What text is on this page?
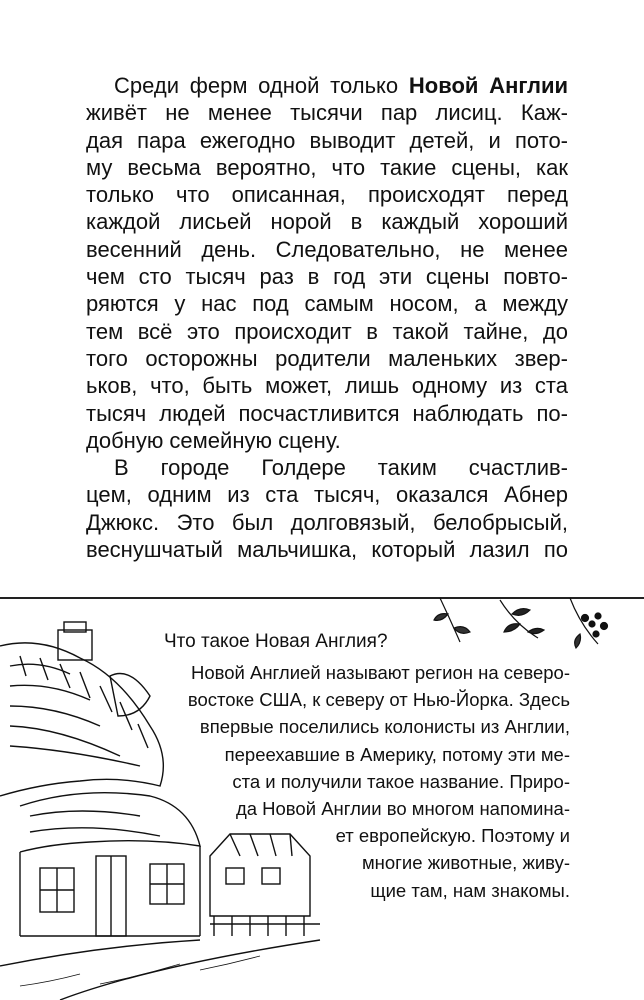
Среди ферм одной только Новой Англии
живёт не менее тысячи пар лисиц. Каж-
дая пара ежегодно выводит детей, и пото-
му весьма вероятно, что такие сцены, как
только что описанная, происходят перед
каждой лисьей норой в каждый хороший
весенний день. Следовательно, не менее
чем сто тысяч раз в год эти сцены повто-
ряются у нас под самым носом, а между
тем всё это происходит в такой тайне, до
того осторожны родители маленьких звер-
ьков, что, быть может, лишь одному из ста
тысяч людей посчастливится наблюдать по-
добную семейную сцену.
В городе Голдере таким счастлив-
цем, одним из ста тысяч, оказался Абнер
Джюкс. Это был долговязый, белобрысый,
веснушчатый мальчишка, который лазил по
Что такое Новая Англия?
Новой Англией называют регион на северо-
востоке США, к северу от Нью-Йорка. Здесь
впервые поселились колонисты из Англии,
переехавшие в Америку, потому эти ме-
ста и получили такое название. Приро-
да Новой Англии во многом напомина-
ет европейскую. Поэтому и
многие животные, живу-
щие там, нам знакомы.
